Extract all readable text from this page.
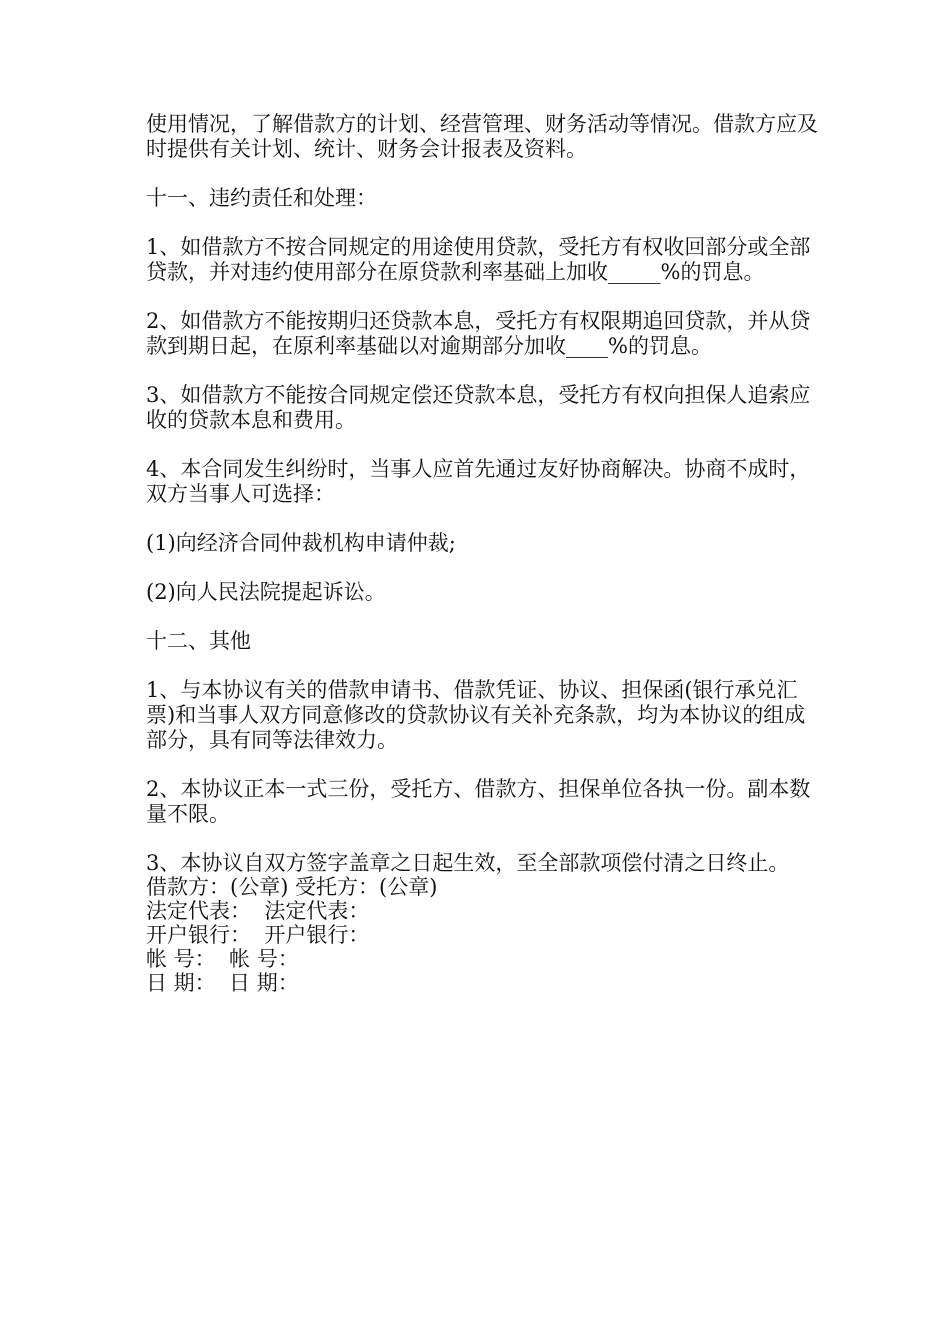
使用情况，了解借款方的计划、经营管理、财务活动等情况。借款方应及时提供有关计划、统计、财务会计报表及资料。

十一、违约责任和处理：

1、如借款方不按合同规定的用途使用贷款，受托方有权收回部分或全部贷款，并对违约使用部分在原贷款利率基础上加收_____%的罚息。

2、如借款方不能按期归还贷款本息，受托方有权限期追回贷款，并从贷款到期日起，在原利率基础以对逾期部分加收____%的罚息。

3、如借款方不能按合同规定偿还贷款本息，受托方有权向担保人追索应收的贷款本息和费用。

4、本合同发生纠纷时，当事人应首先通过友好协商解决。协商不成时，双方当事人可选择：

(1)向经济合同仲裁机构申请仲裁;

(2)向人民法院提起诉讼。

十二、其他

1、与本协议有关的借款申请书、借款凭证、协议、担保函(银行承兑汇票)和当事人双方同意修改的贷款协议有关补充条款，均为本协议的组成部分，具有同等法律效力。

2、本协议正本一式三份，受托方、借款方、担保单位各执一份。副本数量不限。

3、本协议自双方签字盖章之日起生效，至全部款项偿付清之日终止。

借款方：(公章) 受托方：(公章)

法定代表：  法定代表：

开户银行：  开户银行：

帐 号：  帐 号：

日 期：  日 期：
